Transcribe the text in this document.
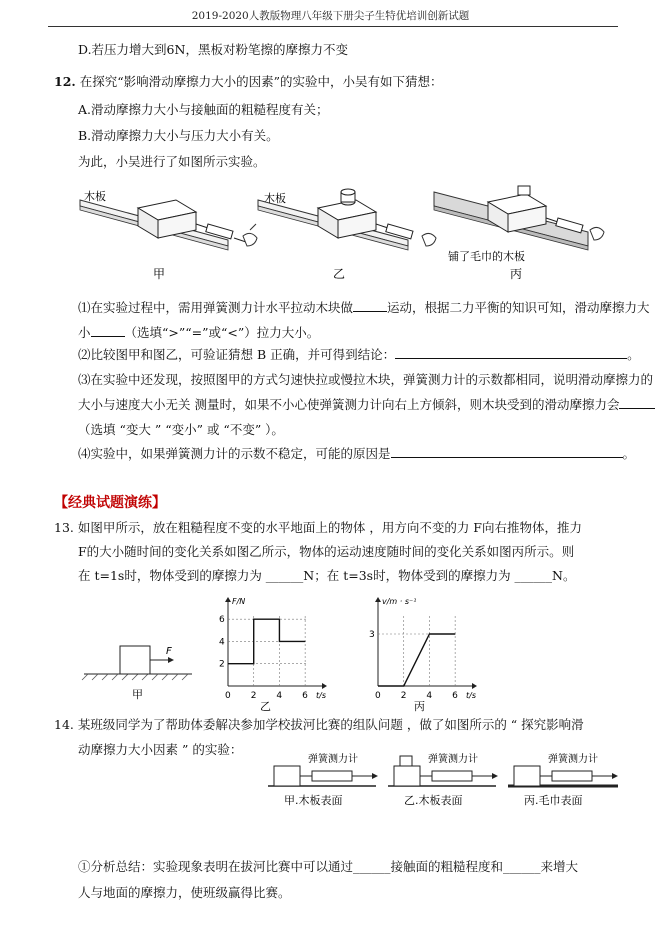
2019-2020人教版物理八年级下册尖子生特优培训创新试题
D.若压力增大到6N，黑板对粉笔擦的摩擦力不变
12. 在探究“影响滑动摩擦力大小的因素”的实验中，小吴有如下猜想：
A.滑动摩擦力大小与接触面的粗糙程度有关；
B.滑动摩擦力大小与压力大小有关。
为此，小吴进行了如图所示实验。
木板	木板
铺了毛巾的木板
甲	乙	丙
⑴在实验过程中，需用弹簧测力计水平拉动木块做	运动，根据二力平衡的知识可知，滑动摩擦力大
小	（选填“>”“=”或“<”）拉力大小。
⑵比较图甲和图乙，可验证猜想 B 正确，并可得到结论：	。
⑶在实验中还发现，按照图甲的方式匀速快拉或慢拉木块，弹簧测力计的示数都相同，说明滑动摩擦力的
大小与速度大小无关 测量时，如果不小心使弹簧测力计向右上方倾斜，则木块受到的滑动摩擦力会
（选填 “变大 ” “变小” 或 “不变” ）。
⑷实验中，如果弹簧测力计的示数不稳定，可能的原因是	。
【经典试题演练】
13. 如图甲所示，放在粗糙程度不变的水平地面上的物体 ，用方向不变的力 F向右推物体，推力
F的大小随时间的变化关系如图乙所示，物体的运动速度随时间的变化关系如图丙所示。则
在 t=1s时，物体受到的摩擦力为 ______N；在 t=3s时，物体受到的摩擦力为 ______N。
F
甲
F/N
t/s
0 2 4 6
2
4
6
乙
v/m · s⁻¹
t/s
0 2 4 6
3
丙
14. 某班级同学为了帮助体委解决参加学校拔河比赛的组队问题 ，做了如图所示的 “ 探究影响滑
动摩擦力大小因素 ” 的实验：
弹簧测力计
甲.木板表面
弹簧测力计
乙.木板表面
弹簧测力计
丙.毛巾表面
①分析总结：实验现象表明在拔河比赛中可以通过______接触面的粗糙程度和______来增大
人与地面的摩擦力，使班级赢得比赛。
